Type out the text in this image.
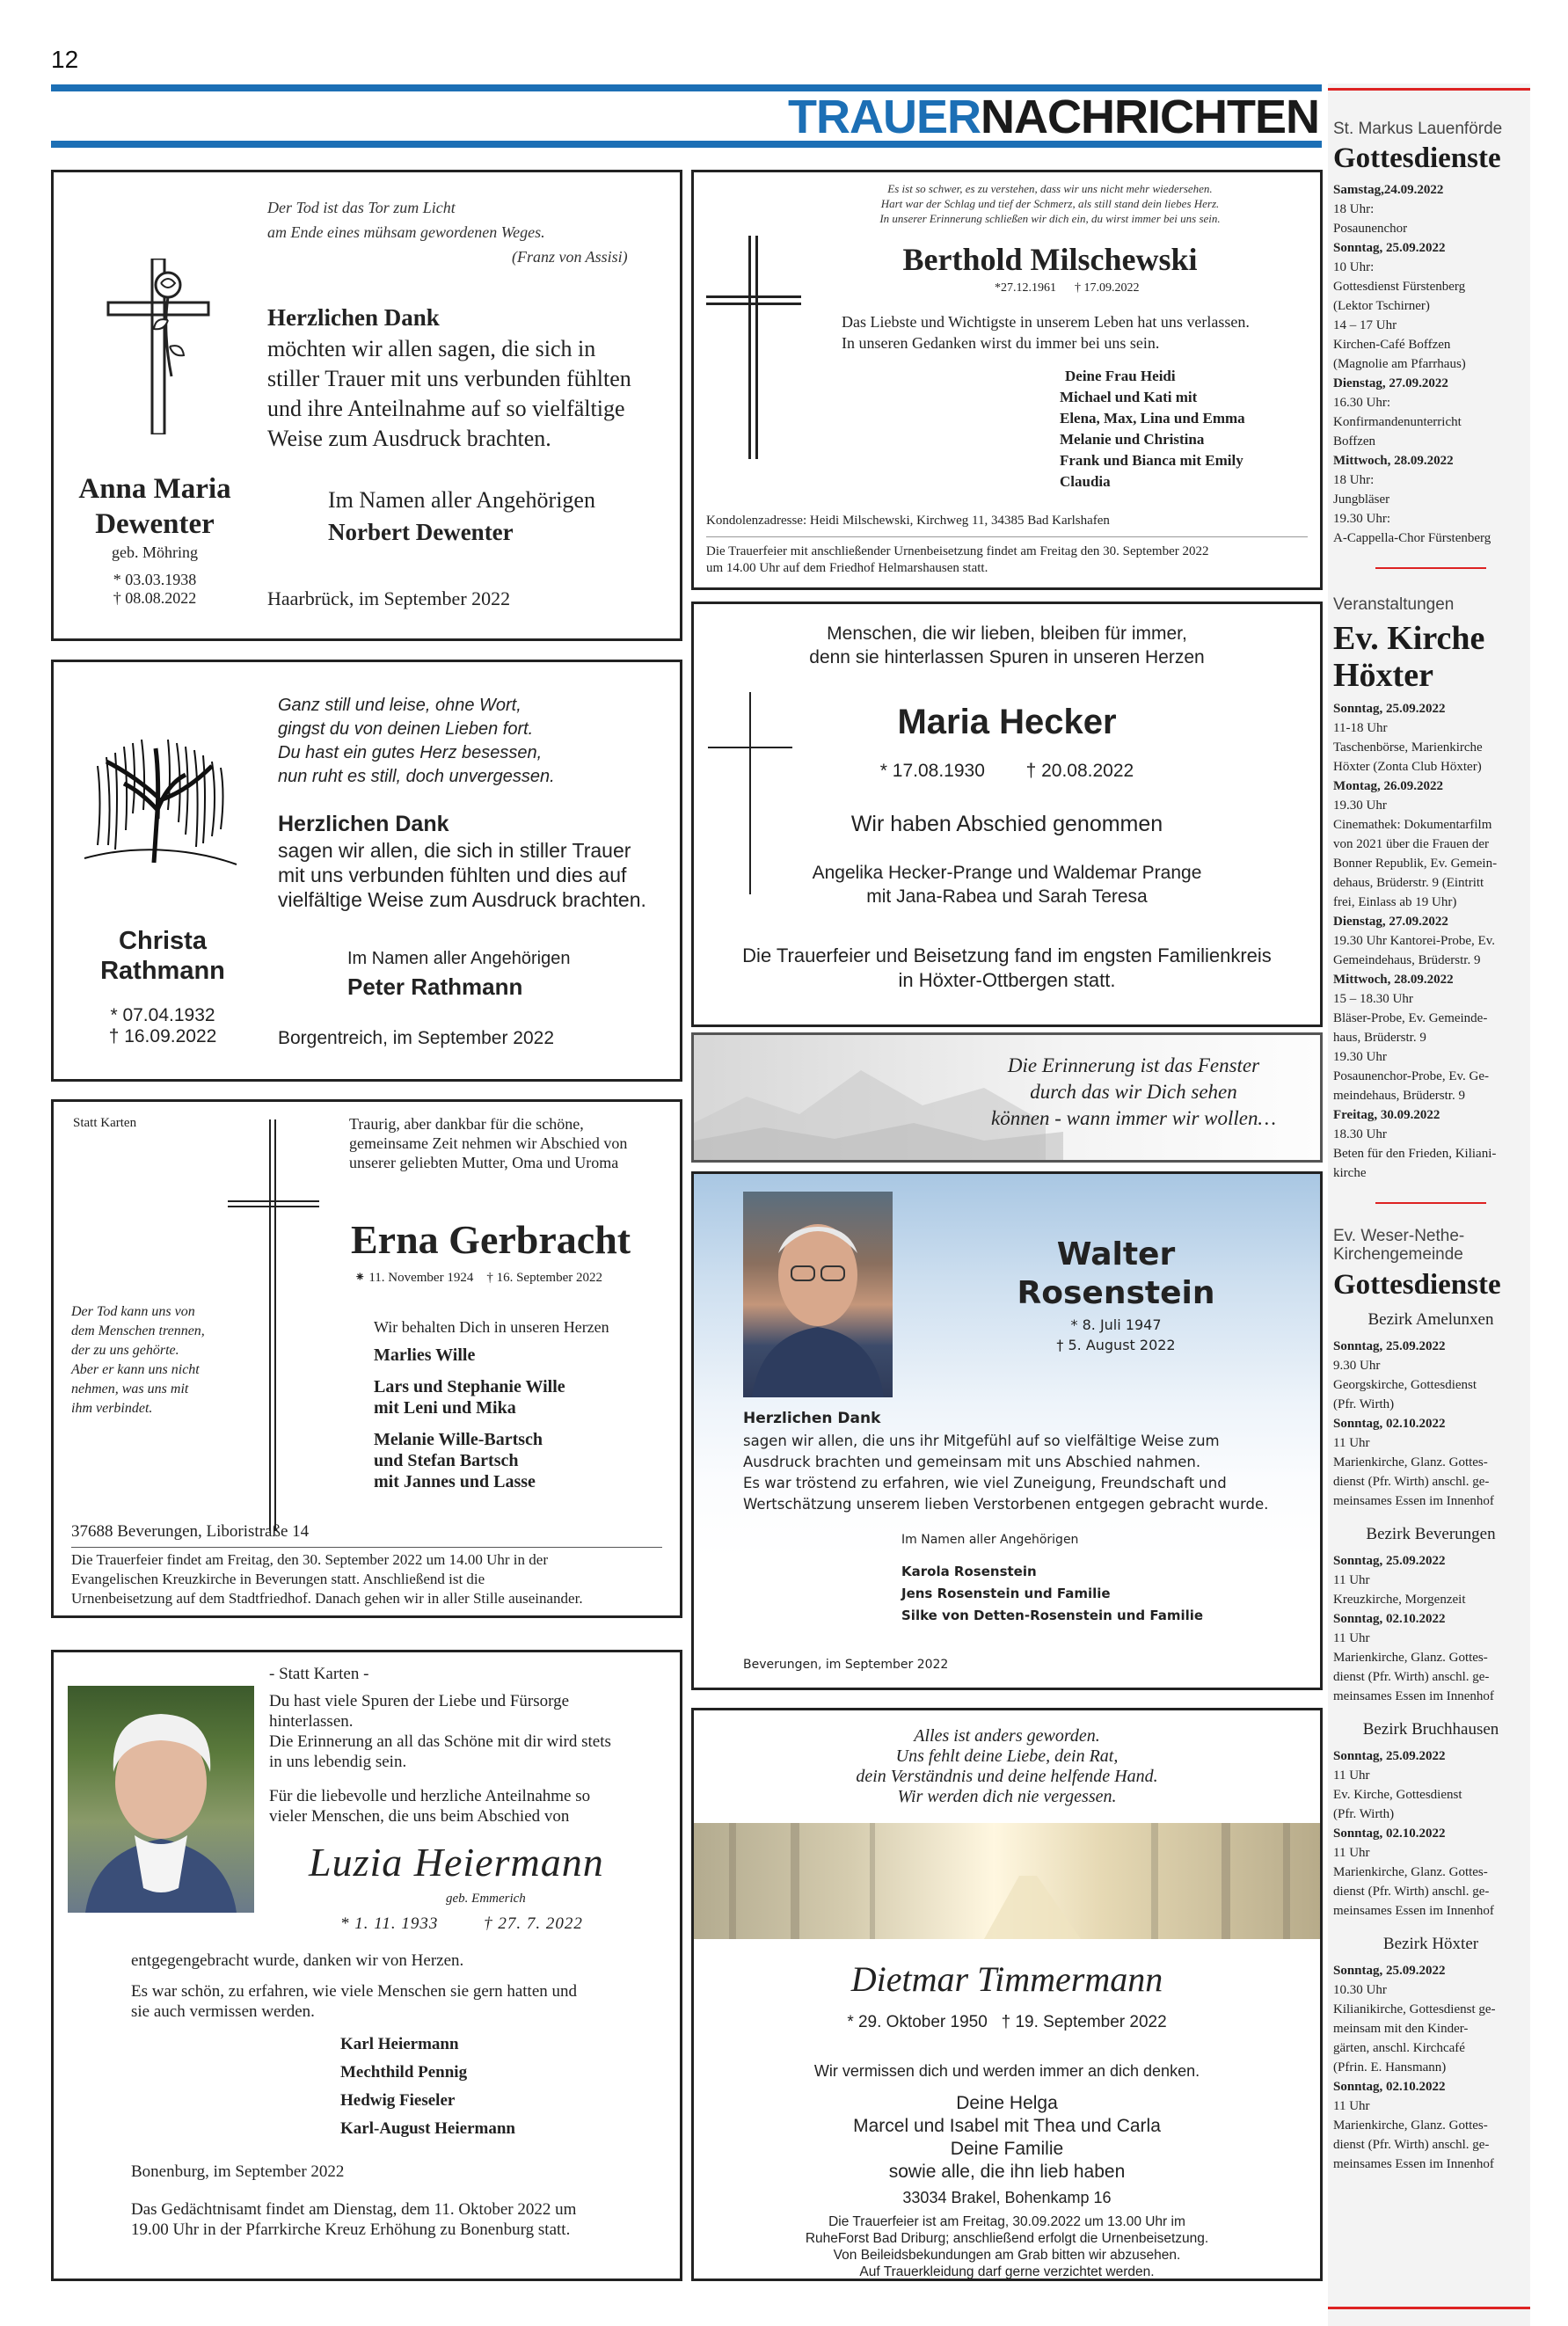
12
TRAUERNACHRICHTEN St. Markus Lauenförde
Gottesdienste
Samstag,24.09.2022
18 Uhr:
Posaunenchor
Sonntag, 25.09.2022
10 Uhr:
Gottesdienst Fürstenberg
(Lektor Tschirner)
14 – 17 Uhr
Kirchen-Café Boffzen
(Magnolie am Pfarrhaus)
Dienstag, 27.09.2022
16.30 Uhr:
Konfirmandenunterricht
Boffzen
Mittwoch, 28.09.2022
18 Uhr:
Jungbläser
19.30 Uhr:
A-Cappella-Chor Fürstenberg
Veranstaltungen
Ev. Kirche
Höxter
Sonntag, 25.09.2022
11-18 Uhr
Taschenbörse, Marienkirche
Höxter (Zonta Club Höxter)
Montag, 26.09.2022
19.30 Uhr
Cinemathek: Dokumentarfilm
von 2021 über die Frauen der
Bonner Republik, Ev. Gemein-
dehaus, Brüderstr. 9 (Eintritt
frei, Einlass ab 19 Uhr)
Dienstag, 27.09.2022
19.30 Uhr Kantorei-Probe, Ev.
Gemeindehaus, Brüderstr. 9
Mittwoch, 28.09.2022
15 – 18.30 Uhr
Bläser-Probe, Ev. Gemeinde-
haus, Brüderstr. 9
19.30 Uhr
Posaunenchor-Probe, Ev. Ge-
meindehaus, Brüderstr. 9
Freitag, 30.09.2022
18.30 Uhr
Beten für den Frieden, Kiliani-
kirche
Ev. Weser-Nethe-
Kirchengemeinde
Gottesdienste
Bezirk Amelunxen
Sonntag, 25.09.2022
9.30 Uhr
Georgskirche, Gottesdienst
(Pfr. Wirth)
Sonntag, 02.10.2022
11 Uhr
Marienkirche, Glanz. Gottes-
dienst (Pfr. Wirth) anschl. ge-
meinsames Essen im Innenhof
Bezirk Beverungen
Sonntag, 25.09.2022
11 Uhr
Kreuzkirche, Morgenzeit
Sonntag, 02.10.2022
11 Uhr
Marienkirche, Glanz. Gottes-
dienst (Pfr. Wirth) anschl. ge-
meinsames Essen im Innenhof
Bezirk Bruchhausen
Sonntag, 25.09.2022
11 Uhr
Ev. Kirche, Gottesdienst
(Pfr. Wirth)
Sonntag, 02.10.2022
11 Uhr
Marienkirche, Glanz. Gottes-
dienst (Pfr. Wirth) anschl. ge-
meinsames Essen im Innenhof
Bezirk Höxter
Sonntag, 25.09.2022
10.30 Uhr
Kilianikirche, Gottesdienst ge-
meinsam mit den Kinder-
gärten, anschl. Kirchcafé
(Pfrin. E. Hansmann)
Sonntag, 02.10.2022
11 Uhr
Marienkirche, Glanz. Gottes-
dienst (Pfr. Wirth) anschl. ge-
meinsames Essen im Innenhof
Der Tod ist das Tor zum Licht
am Ende eines mühsam gewordenen Weges.
(Franz von Assisi)
Herzlichen Dank
möchten wir allen sagen, die sich in
stiller Trauer mit uns verbunden fühlten
und ihre Anteilnahme auf so vielfältige
Weise zum Ausdruck brachten.
Anna Maria
Dewenter
geb. Möhring
* 03.03.1938
† 08.08.2022
Im Namen aller Angehörigen
Norbert Dewenter
Haarbrück, im September 2022
Es ist so schwer, es zu verstehen, dass wir uns nicht mehr wiedersehen.
Hart war der Schlag und tief der Schmerz, als still stand dein liebes Herz.
In unserer Erinnerung schließen wir dich ein, du wirst immer bei uns sein.
Berthold Milschewski
*27.12.1961 † 17.09.2022
Das Liebste und Wichtigste in unserem Leben hat uns verlassen.
In unseren Gedanken wirst du immer bei uns sein.
Deine Frau Heidi
Michael und Kati mit
Elena, Max, Lina und Emma
Melanie und Christina
Frank und Bianca mit Emily
Claudia
Kondolenzadresse: Heidi Milschewski, Kirchweg 11, 34385 Bad Karlshafen
Die Trauerfeier mit anschließender Urnenbeisetzung findet am Freitag den 30. September 2022
um 14.00 Uhr auf dem Friedhof Helmarshausen statt.
Ganz still und leise, ohne Wort,
gingst du von deinen Lieben fort.
Du hast ein gutes Herz besessen,
nun ruht es still, doch unvergessen.
Herzlichen Dank
sagen wir allen, die sich in stiller Trauer
mit uns verbunden fühlten und dies auf
vielfältige Weise zum Ausdruck brachten.
Christa
Rathmann
* 07.04.1932
† 16.09.2022
Im Namen aller Angehörigen
Peter Rathmann
Borgentreich, im September 2022
Menschen, die wir lieben, bleiben für immer,
denn sie hinterlassen Spuren in unseren Herzen
Maria Hecker
* 17.08.1930 † 20.08.2022
Wir haben Abschied genommen
Angelika Hecker-Prange und Waldemar Prange
mit Jana-Rabea und Sarah Teresa
Die Trauerfeier und Beisetzung fand im engsten Familienkreis
in Höxter-Ottbergen statt.
Die Erinnerung ist das Fenster
durch das wir Dich sehen
können - wann immer wir wollen…
Statt Karten	Traurig, aber dankbar für die schöne,
gemeinsame Zeit nehmen wir Abschied von
unserer geliebten Mutter, Oma und Uroma
Erna Gerbracht
⁕ 11. November 1924 † 16. September 2022
Der Tod kann uns von
dem Menschen trennen,
der zu uns gehörte.
Aber er kann uns nicht
nehmen, was uns mit
ihm verbindet.
Wir behalten Dich in unseren Herzen
Marlies Wille
Lars und Stephanie Wille
mit Leni und Mika
Melanie Wille-Bartsch
und Stefan Bartsch
mit Jannes und Lasse
37688 Beverungen, Liboristraße 14
Die Trauerfeier findet am Freitag, den 30. September 2022 um 14.00 Uhr in der
Evangelischen Kreuzkirche in Beverungen statt. Anschließend ist die
Urnenbeisetzung auf dem Stadtfriedhof. Danach gehen wir in aller Stille auseinander.
Walter
Rosenstein
* 8. Juli 1947
† 5. August 2022
Herzlichen Dank
sagen wir allen, die uns ihr Mitgefühl auf so vielfältige Weise zum
Ausdruck brachten und gemeinsam mit uns Abschied nahmen.
Es war tröstend zu erfahren, wie viel Zuneigung, Freundschaft und
Wertschätzung unserem lieben Verstorbenen entgegen gebracht wurde.
Im Namen aller Angehörigen
Karola Rosenstein
Jens Rosenstein und Familie
Silke von Detten-Rosenstein und Familie
Beverungen, im September 2022
- Statt Karten -
Du hast viele Spuren der Liebe und Fürsorge
hinterlassen.
Die Erinnerung an all das Schöne mit dir wird stets
in uns lebendig sein.
Für die liebevolle und herzliche Anteilnahme so
vieler Menschen, die uns beim Abschied von
Luzia Heiermann
geb. Emmerich
* 1. 11. 1933	† 27. 7. 2022
entgegengebracht wurde, danken wir von Herzen.
Es war schön, zu erfahren, wie viele Menschen sie gern hatten und
sie auch vermissen werden.
Karl Heiermann
Mechthild Pennig
Hedwig Fieseler
Karl-August Heiermann
Bonenburg, im September 2022
Das Gedächtnisamt findet am Dienstag, dem 11. Oktober 2022 um
19.00 Uhr in der Pfarrkirche Kreuz Erhöhung zu Bonenburg statt.
Alles ist anders geworden.
Uns fehlt deine Liebe, dein Rat,
dein Verständnis und deine helfende Hand.
Wir werden dich nie vergessen.
Dietmar Timmermann
* 29. Oktober 1950   † 19. September 2022
Wir vermissen dich und werden immer an dich denken.
Deine Helga
Marcel und Isabel mit Thea und Carla
Deine Familie
sowie alle, die ihn lieb haben
33034 Brakel, Bohenkamp 16
Die Trauerfeier ist am Freitag, 30.09.2022 um 13.00 Uhr im
RuheForst Bad Driburg; anschließend erfolgt die Urnenbeisetzung.
Von Beileidsbekundungen am Grab bitten wir abzusehen.
Auf Trauerkleidung darf gerne verzichtet werden.
